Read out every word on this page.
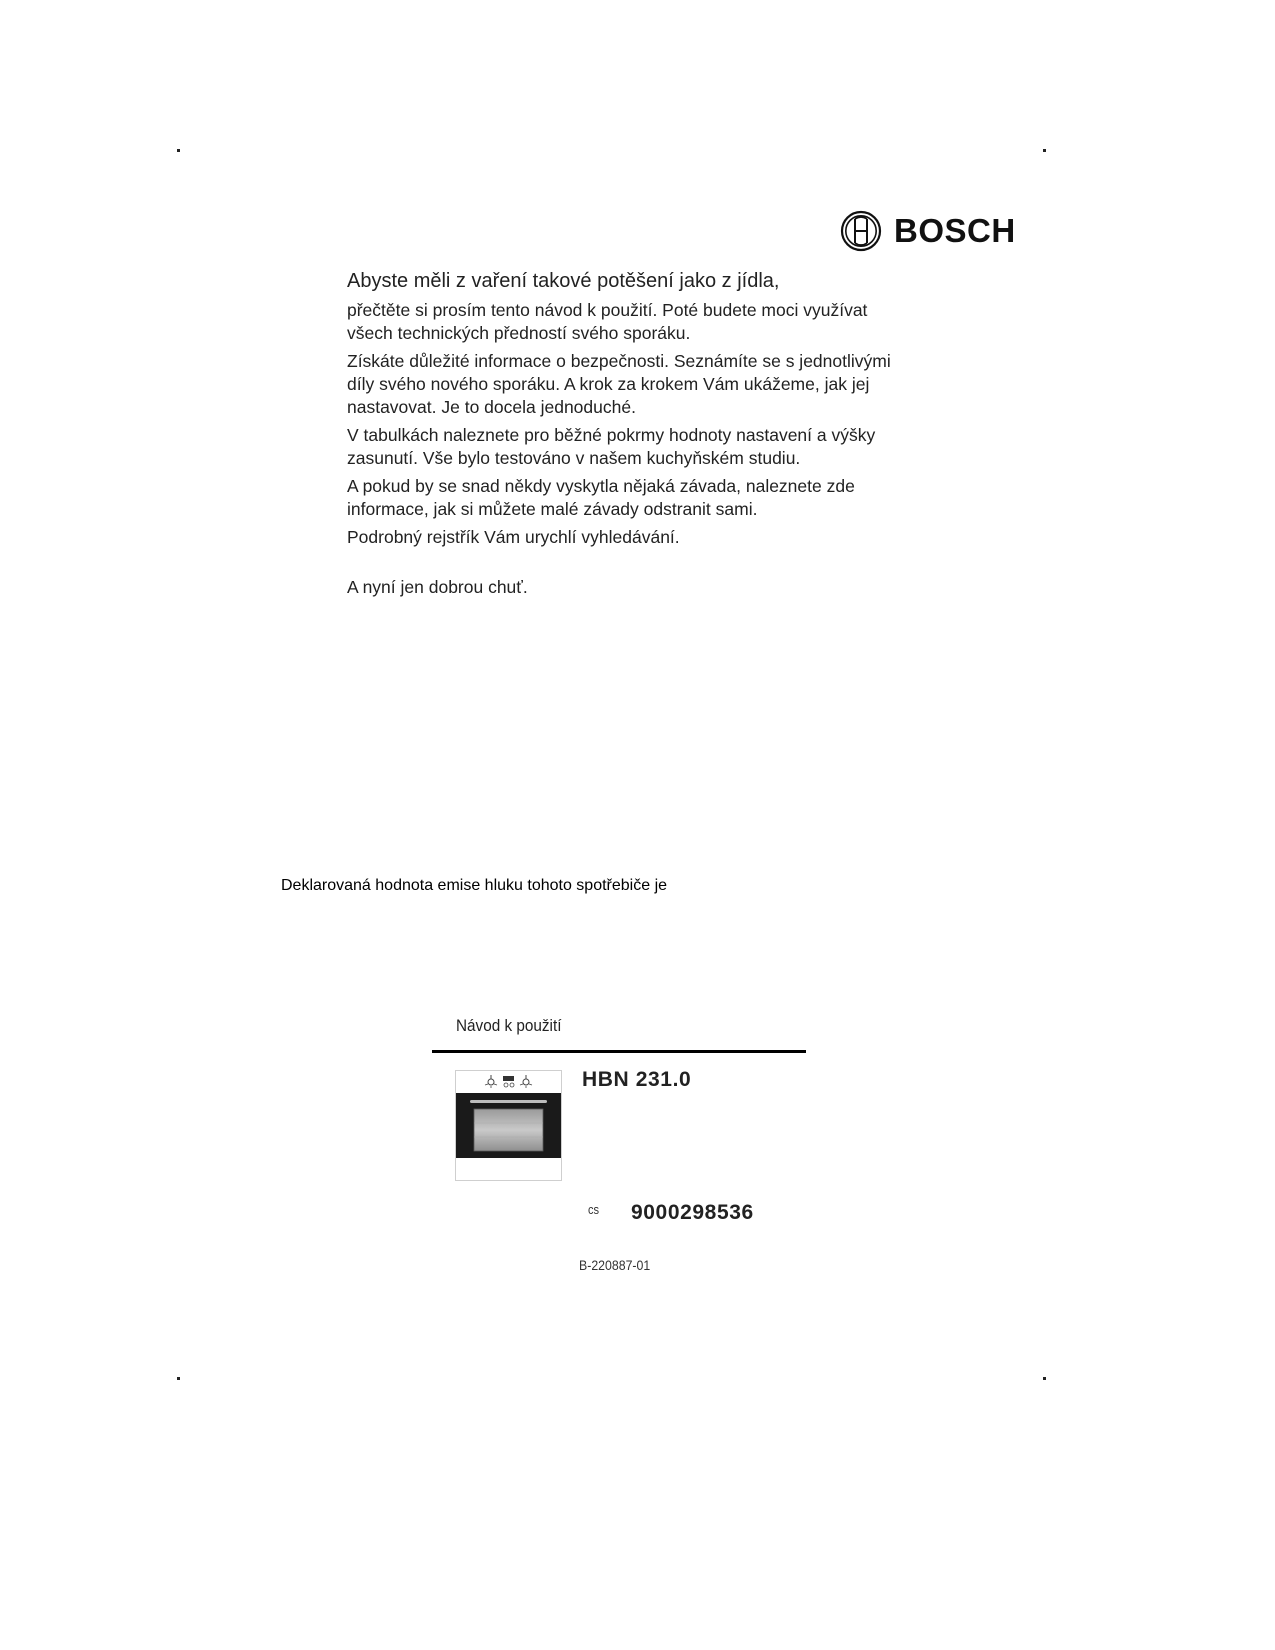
BOSCH

Abyste měli z vaření takové potěšení jako z jídla,

přečtěte si prosím tento návod k použití. Poté budete moci využívat všech technických předností svého sporáku.

Získáte důležité informace o bezpečnosti. Seznámíte se s jednotlivými díly svého nového sporáku. A krok za krokem Vám ukážeme, jak jej nastavovat. Je to docela jednoduché.

V tabulkách naleznete pro běžné pokrmy hodnoty nastavení a výšky zasunutí. Vše bylo testováno v našem kuchyňském studiu.

A pokud by se snad někdy vyskytla nějaká závada, naleznete zde informace, jak si můžete malé závady odstranit sami.

Podrobný rejstřík Vám urychlí vyhledávání.

A nyní jen dobrou chuť.

Deklarovaná hodnota emise hluku tohoto spotřebiče je
Návod k použití
HBN 231.0
cs 9000298536
B-220887-01
